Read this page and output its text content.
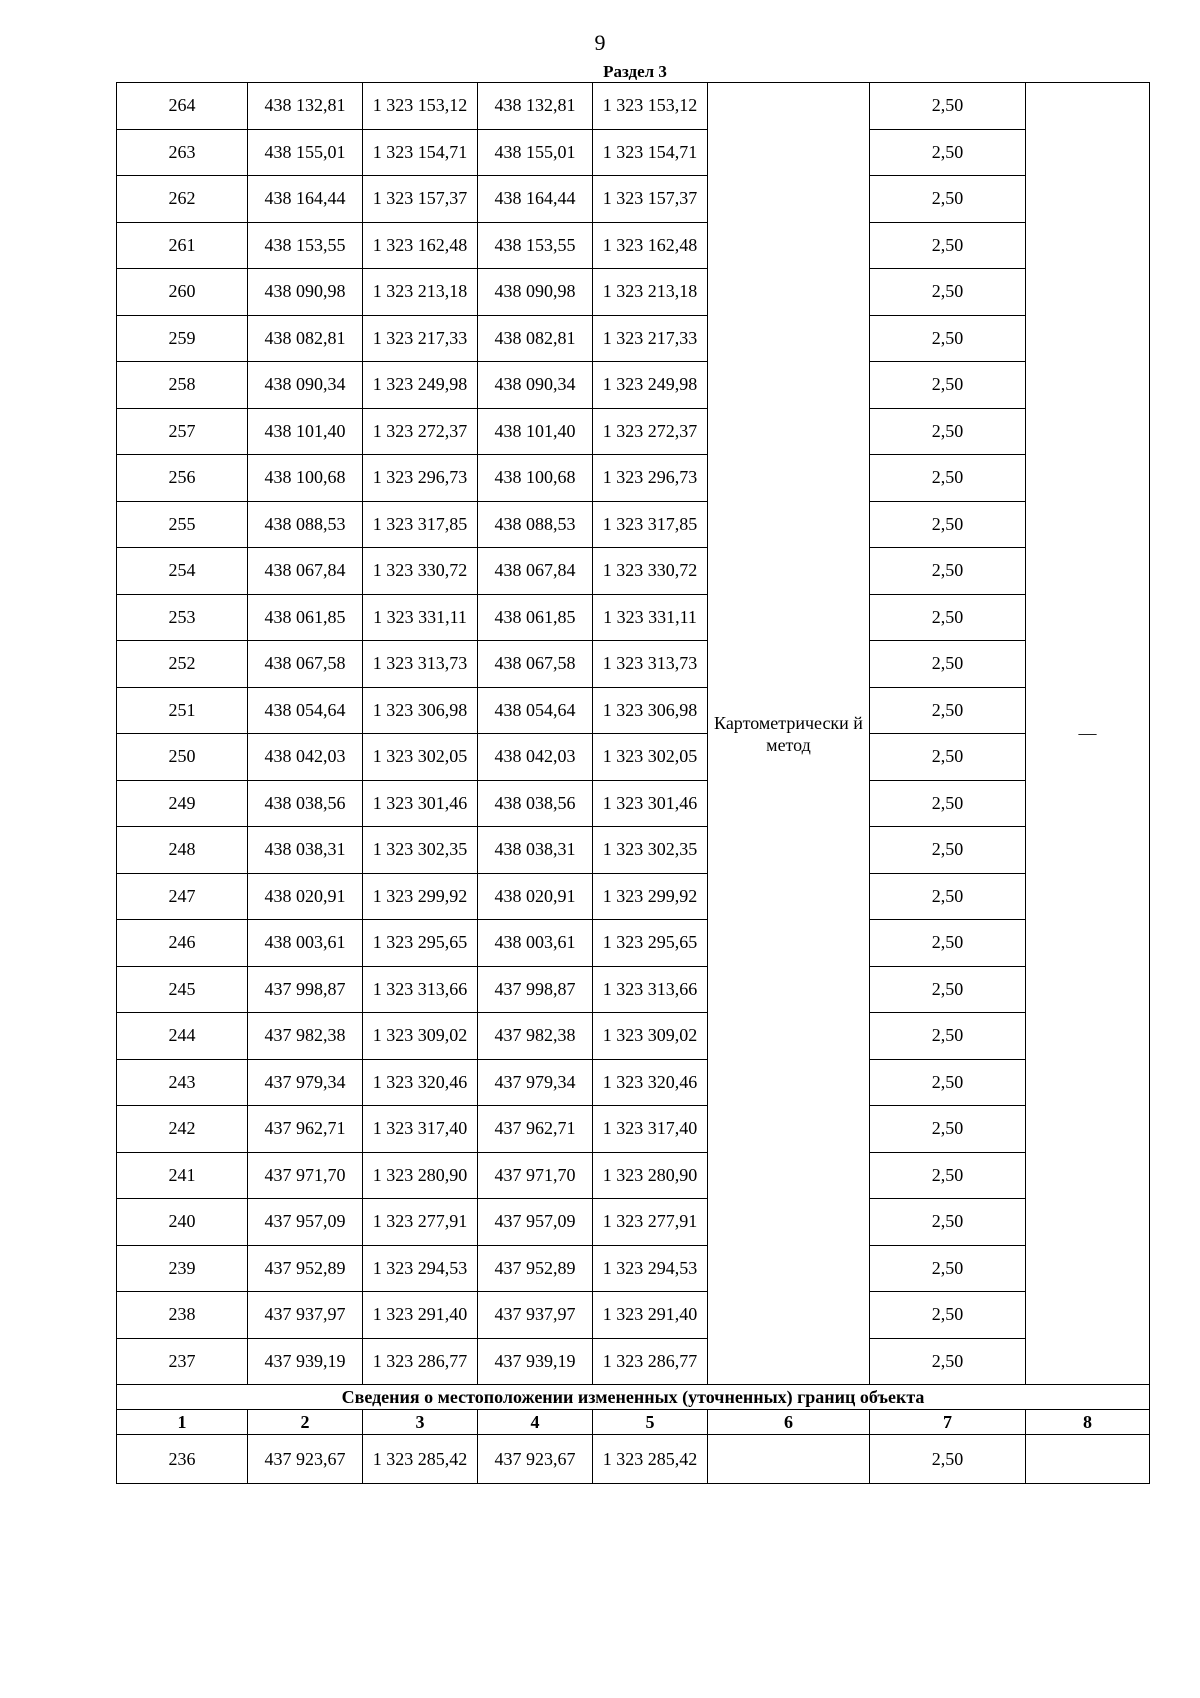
9
Раздел 3
264	438 132,81	1 323 153,12	438 132,81	1 323 153,12	Картометрически й метод	2,50	—
263	438 155,01	1 323 154,71	438 155,01	1 323 154,71		2,50	
262	438 164,44	1 323 157,37	438 164,44	1 323 157,37		2,50	
261	438 153,55	1 323 162,48	438 153,55	1 323 162,48		2,50	
260	438 090,98	1 323 213,18	438 090,98	1 323 213,18		2,50	
259	438 082,81	1 323 217,33	438 082,81	1 323 217,33		2,50	
258	438 090,34	1 323 249,98	438 090,34	1 323 249,98		2,50	
257	438 101,40	1 323 272,37	438 101,40	1 323 272,37		2,50	
256	438 100,68	1 323 296,73	438 100,68	1 323 296,73		2,50	
255	438 088,53	1 323 317,85	438 088,53	1 323 317,85		2,50	
254	438 067,84	1 323 330,72	438 067,84	1 323 330,72		2,50	
253	438 061,85	1 323 331,11	438 061,85	1 323 331,11		2,50	
252	438 067,58	1 323 313,73	438 067,58	1 323 313,73		2,50	
251	438 054,64	1 323 306,98	438 054,64	1 323 306,98		2,50	
250	438 042,03	1 323 302,05	438 042,03	1 323 302,05		2,50	
249	438 038,56	1 323 301,46	438 038,56	1 323 301,46		2,50	
248	438 038,31	1 323 302,35	438 038,31	1 323 302,35		2,50	
247	438 020,91	1 323 299,92	438 020,91	1 323 299,92		2,50	
246	438 003,61	1 323 295,65	438 003,61	1 323 295,65		2,50	
245	437 998,87	1 323 313,66	437 998,87	1 323 313,66		2,50	
244	437 982,38	1 323 309,02	437 982,38	1 323 309,02		2,50	
243	437 979,34	1 323 320,46	437 979,34	1 323 320,46		2,50	
242	437 962,71	1 323 317,40	437 962,71	1 323 317,40		2,50	
241	437 971,70	1 323 280,90	437 971,70	1 323 280,90		2,50	
240	437 957,09	1 323 277,91	437 957,09	1 323 277,91		2,50	
239	437 952,89	1 323 294,53	437 952,89	1 323 294,53		2,50	
238	437 937,97	1 323 291,40	437 937,97	1 323 291,40		2,50	
237	437 939,19	1 323 286,77	437 939,19	1 323 286,77		2,50	
Сведения о местоположении измененных (уточненных) границ объекта							
1	2	3	4	5	6	7	8
236	437 923,67	1 323 285,42	437 923,67	1 323 285,42		2,50	
